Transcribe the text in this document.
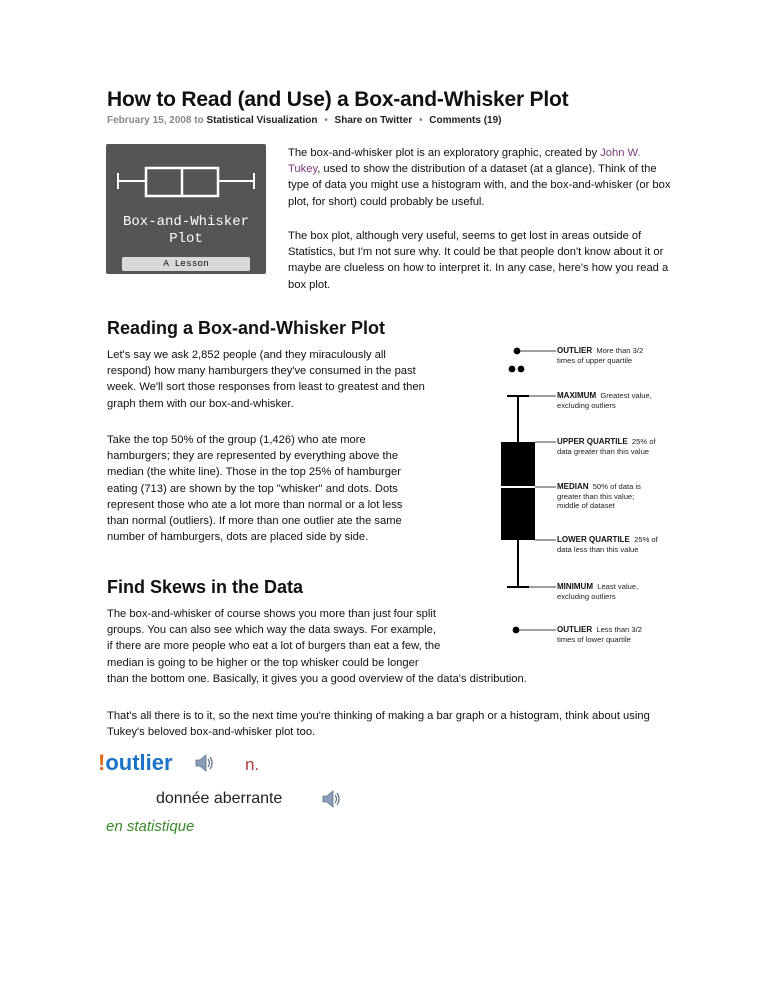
How to Read (and Use) a Box-and-Whisker Plot
February 15, 2008 to Statistical Visualization • Share on Twitter • Comments (19)
Box-and-Whisker
Plot
A Lesson

The box-and-whisker plot is an exploratory graphic, created by John W. Tukey, used to show the distribution of a dataset (at a glance). Think of the type of data you might use a histogram with, and the box-and-whisker (or box plot, for short) could probably be useful.

The box plot, although very useful, seems to get lost in areas outside of Statistics, but I'm not sure why. It could be that people don't know about it or maybe are clueless on how to interpret it. In any case, here's how you read a box plot.

Reading a Box-and-Whisker Plot

Let's say we ask 2,852 people (and they miraculously all respond) how many hamburgers they've consumed in the past week. We'll sort those responses from least to greatest and then graph them with our box-and-whisker.

Take the top 50% of the group (1,426) who ate more hamburgers; they are represented by everything above the median (the white line). Those in the top 25% of hamburger eating (713) are shown by the top "whisker" and dots. Dots represent those who ate a lot more than normal or a lot less than normal (outliers). If more than one outlier ate the same number of hamburgers, dots are placed side by side.

Find Skews in the Data

The box-and-whisker of course shows you more than just four split groups. You can also see which way the data sways. For example, if there are more people who eat a lot of burgers than eat a few, the median is going to be higher or the top whisker could be longer than the bottom one. Basically, it gives you a good overview of the data's distribution.

That's all there is to it, so the next time you're thinking of making a bar graph or a histogram, think about using Tukey's beloved box-and-whisker plot too.

OUTLIER More than 3/2
times of upper quartile
MAXIMUM Greatest value,
excluding outliers
UPPER QUARTILE 25% of
data greater than this value
MEDIAN 50% of data is
greater than this value;
middle of dataset
LOWER QUARTILE 25% of
data less than this value
MINIMUM Least value,
excluding outliers
OUTLIER Less than 3/2
times of lower quartile
!outlier	n.
donnée aberrante
en statistique
